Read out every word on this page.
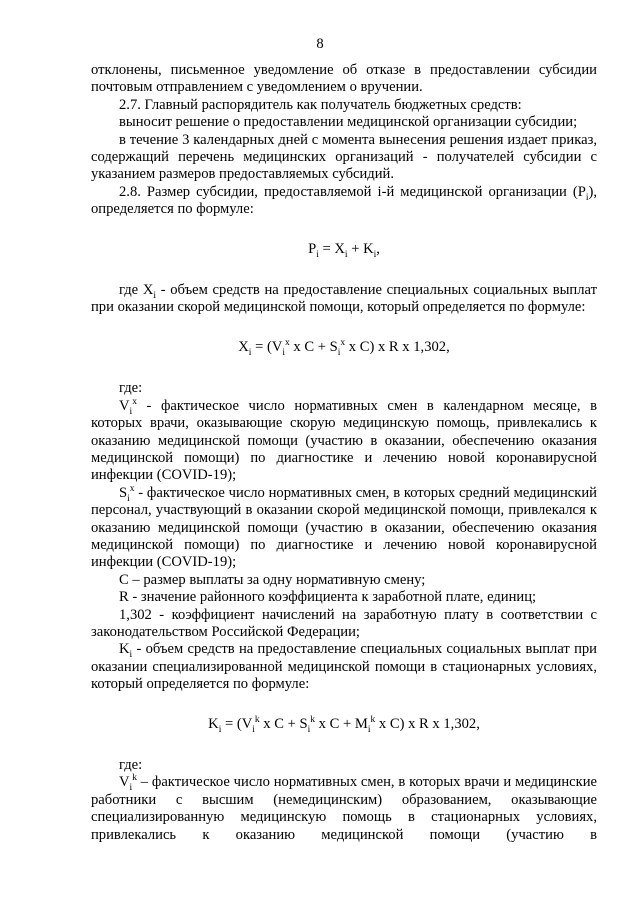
8

отклонены, письменное уведомление об отказе в предоставлении субсидии почтовым отправлением с уведомлением о вручении.

2.7. Главный распорядитель как получатель бюджетных средств:

выносит решение о предоставлении медицинской организации субсидии;

в течение 3 календарных дней с момента вынесения решения издает приказ, содержащий перечень медицинских организаций - получателей субсидии с указанием размеров предоставляемых субсидий.

2.8. Размер субсидии, предоставляемой i-й медицинской организации $(P_i)$, определяется по формуле:

$P_i = X_i + K_i$,

где $X_i$ - объем средств на предоставление специальных социальных выплат при оказании скорой медицинской помощи, который определяется по формуле:

$X_i = (V_i^x$ x $C + S_i^x$ x C) x R x 1,302,

где:

$V_i^x$ - фактическое число нормативных смен в календарном месяце, в которых врачи, оказывающие скорую медицинскую помощь, привлекались к оказанию медицинской помощи (участию в оказании, обеспечению оказания медицинской помощи) по диагностике и лечению новой коронавирусной инфекции (COVID-19);

$S_i^x$ - фактическое число нормативных смен, в которых средний медицинский персонал, участвующий в оказании скорой медицинской помощи, привлекался к оказанию медицинской помощи (участию в оказании, обеспечению оказания медицинской помощи) по диагностике и лечению новой коронавирусной инфекции (COVID-19);

C – размер выплаты за одну нормативную смену;

R - значение районного коэффициента к заработной плате, единиц;

1,302 - коэффициент начислений на заработную плату в соответствии с законодательством Российской Федерации;

$K_i$ - объем средств на предоставление специальных социальных выплат при оказании специализированной медицинской помощи в стационарных условиях, который определяется по формуле:

$K_i = (V_i^k$ x $C + S_i^k$ x $C + M_i^k$ x C) x R x 1,302,

где:

$V_i^k$ – фактическое число нормативных смен, в которых врачи и медицинские работники с высшим (немедицинским) образованием, оказывающие специализированную медицинскую помощь в стационарных условиях, привлекались к оказанию медицинской помощи (участию в
